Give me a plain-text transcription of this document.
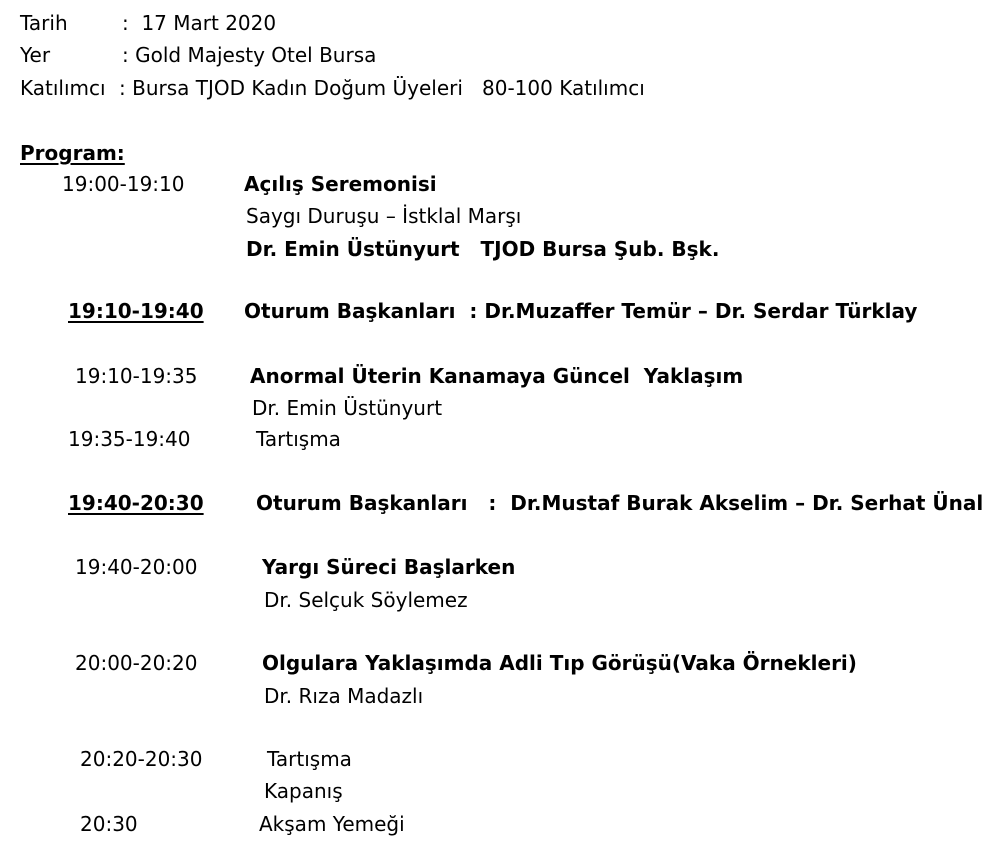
Tarih	:  17 Mart 2020
Yer	: Gold Majesty Otel Bursa
Katılımcı : Bursa TJOD Kadın Doğum Üyeleri   80-100 Katılımcı
Program:
19:00-19:10	Açılış Seremonisi
Saygı Duruşu – İstklal Marşı
Dr. Emin Üstünyurt   TJOD Bursa Şub. Bşk.
19:10-19:40 Oturum Başkanları  : Dr.Muzaffer Temür – Dr. Serdar Türklay
19:10-19:35	Anormal Üterin Kanamaya Güncel  Yaklaşım
Dr. Emin Üstünyurt
19:35-19:40	Tartışma
19:40-20:30	Oturum Başkanları   :  Dr.Mustaf Burak Akselim – Dr. Serhat Ünal
19:40-20:00	Yargı Süreci Başlarken
Dr. Selçuk Söylemez
20:00-20:20	Olgulara Yaklaşımda Adli Tıp Görüşü(Vaka Örnekleri)
Dr. Rıza Madazlı
20:20-20:30	Tartışma
Kapanış
20:30	Akşam Yemeği
